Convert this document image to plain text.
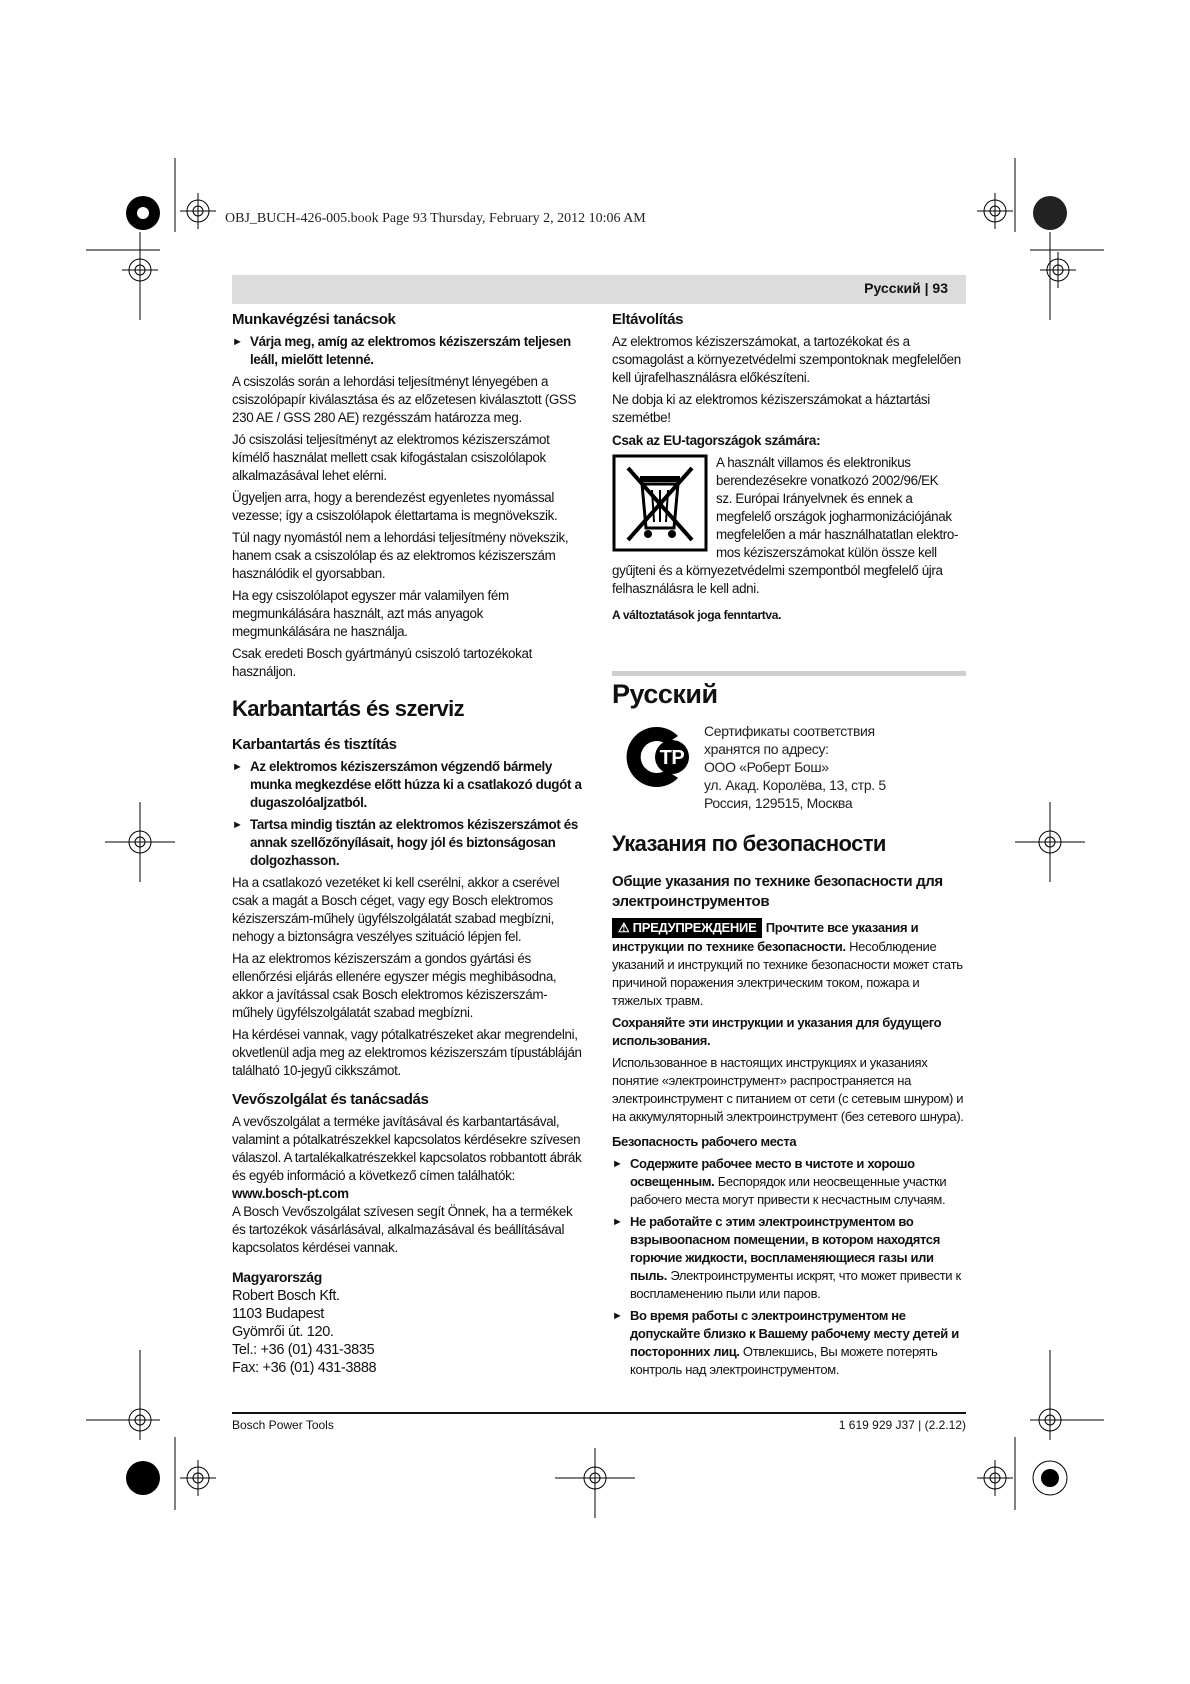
OBJ_BUCH-426-005.book Page 93 Thursday, February 2, 2012 10:06 AM
Русский | 93
Munkavégzési tanácsok
► Várja meg, amíg az elektromos kéziszerszám teljesen leáll, mielőtt letenné.

A csiszolás során a leh​ordási teljesítményt lényegében a csiszolópapír kiválasztása és az előzetesen kiválasztott (GSS 230 AE / GSS 280 AE) rezgésszám határozza meg.

Jó csiszolási teljesítményt az elektromos kéziszerszámot kímélő használat mellett csak kifogástalan csiszolólapok alkalmazásával lehet elérni.

Ügyeljen arra, hogy a berendezést egyenletes nyomással vezesse; így a csiszolólapok élettartama is megnövekszik.

Túl nagy nyomástól nem a lehordási teljesítmény növekszik, hanem csak a csiszolólap és az elektromos kéziszerszám használódik el gyorsabban.

Ha egy csiszolólapot egyszer már valamilyen fém megmunkálására használt, azt más anyagok megmunkálására ne használja.

Csak eredeti Bosch gyártmányú csiszoló tartozékokat használjon.

Karbantartás és szerviz
Karbantartás és tisztítás
► Az elektromos kéziszerszámon végzendő bármely munka megkezdése előtt húzza ki a csatlakozó dugót a dugaszolóaljzatból.
► Tartsa mindig tisztán az elektromos kéziszerszámot és annak szellőzőnyílásait, hogy jól és biztonságosan dolgozhasson.

Ha a csatlakozó vezetéket ki kell cserélni, akkor a cserével csak a magát a Bosch céget, vagy egy Bosch elektromos kéziszerszám-műhely ügyfélszolgálatát szabad megbízni, nehogy a biztonságra veszélyes szituáció lépjen fel.

Ha az elektromos kéziszerszám a gondos gyártási és ellenőrzési eljárás ellenére egyszer mégis meghibásodna, akkor a javítással csak Bosch elektromos kéziszerszám-műhely ügyfélszolgálatát szabad megbízni.

Ha kérdései vannak, vagy pótalkatrészeket akar megrendelni, okvetlenül adja meg az elektromos kéziszerszám típustábláján található 10-jegyű cikkszámot.

Vevőszolgálat és tanácsadás

A vevőszolgálat a terméke javításával és karbantartásával, valamint a pótalkatrészekkel kapcsolatos kérdésekre szívesen válaszol. A tartalékalkatrészekkel kapcsolatos robbantott ábrák és egyéb információ a következő címen találhatók:

www.bosch-pt.com

A Bosch Vevőszolgálat szívesen segít Önnek, ha a termékek és tartozékok vásárlásával, alkalmazásával és beállításával kapcsolatos kérdései vannak.

Magyarország
Robert Bosch Kft.
1103 Budapest
Gyömrői út. 120.
Tel.: +36 (01) 431-3835
Fax: +36 (01) 431-3888
Eltávolítás

Az elektromos kéziszerszámokat, a tartozékokat és a csomagolást a környezetvédelmi szempontoknak megfelelően kell újrafelhasználásra előkészíteni.

Ne dobja ki az elektromos kéziszerszámokat a háztartási szemétbe!

Csak az EU-tagországok számára:
A használt villamos és elektronikus
berendezésekre vonatkozó 2002/96/EK
sz. Európai Irányelvnek és ennek a
megfelelő országok jogharmonizációjának
megfelelően a már használhatatlan elektro-
mos kéziszerszámokat külön össze kell

gyűjteni és a környezetvédelmi szempontból megfelelő újra felhasználásra le kell adni.

A változtatások joga fenntartva.

Русский
ТР
Сертификаты соответствия
хранятся по адресу:
ООО «Роберт Бош»
ул. Акад. Королёва, 13, стр. 5
Россия, 129515, Москва
Указания по безопасности
Общие указания по технике безопасности для электроинструментов

⚠ ПРЕДУПРЕЖДЕНИЕ Прочтите все указания и инструкции по технике безопасности. Несоблюдение указаний и инструкций по технике безопасности может стать причиной поражения электрическим током, пожара и тяжелых травм.

Сохраняйте эти инструкции и указания для будущего использования.

Использованное в настоящих инструкциях и указаниях понятие «электроинструмент» распространяется на электроинструмент с питанием от сети (с сетевым шнуром) и на аккумуляторный электроинструмент (без сетевого шнура).

Безопасность рабочего места
► Содержите рабочее место в чистоте и хорошо освещенным. Беспорядок или неосвещенные участки рабочего места могут привести к несчастным случаям.
► Не работайте с этим электроинструментом во взрывоопасном помещении, в котором находятся горючие жидкости, воспламеняющиеся газы или пыль. Электроинструменты искрят, что может привести к воспламенению пыли или паров.
► Во время работы с электроинструментом не допускайте близко к Вашему рабочему месту детей и посторонних лиц. Отвлекшись, Вы можете потерять контроль над электроинструментом.
Bosch Power Tools	1 619 929 J37 | (2.2.12)
